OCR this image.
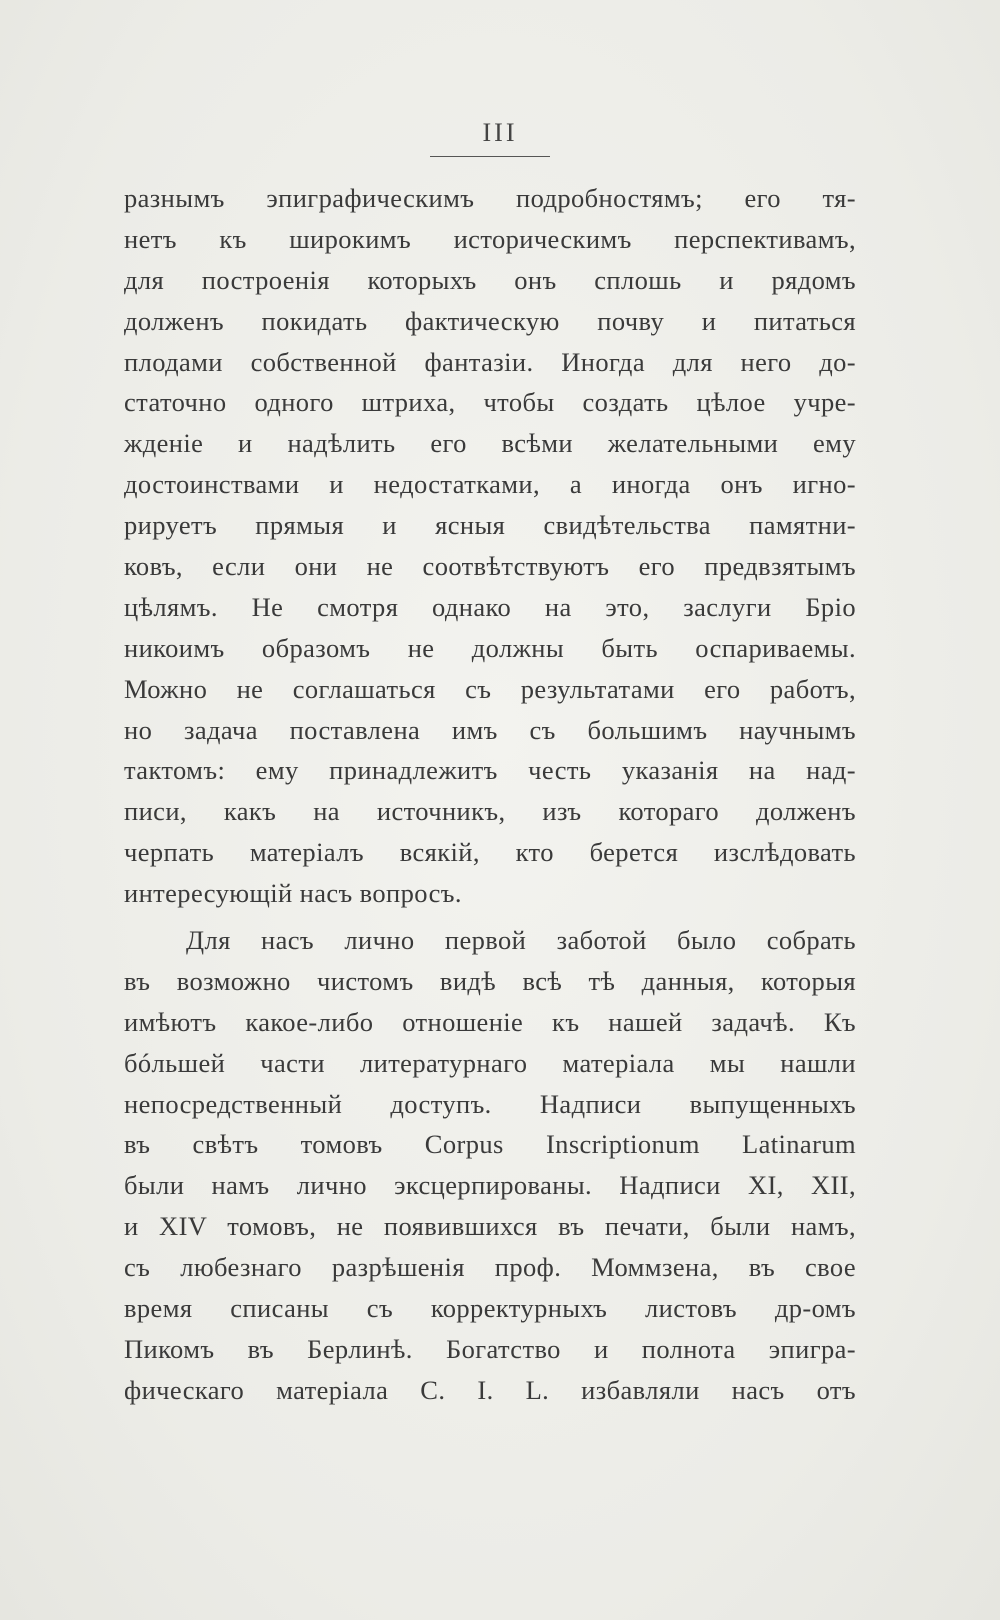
III
разнымъ эпиграфическимъ подробностямъ; его тя-
нетъ къ широкимъ историческимъ перспективамъ,
для построенія которыхъ онъ сплошь и рядомъ
долженъ покидать фактическую почву и питаться
плодами собственной фантазіи. Иногда для него до-
статочно одного штриха, чтобы создать цѣлое учре-
жденіе и надѣлить его всѣми желательными ему
достоинствами и недостатками, а иногда онъ игно-
рируетъ прямыя и ясныя свидѣтельства памятни-
ковъ, если они не соотвѣтствуютъ его предвзятымъ
цѣлямъ. Не смотря однако на это, заслуги Бріо
никоимъ образомъ не должны быть оспариваемы.
Можно не соглашаться съ результатами его работъ,
но задача поставлена имъ съ большимъ научнымъ
тактомъ: ему принадлежитъ честь указанія на над-
писи, какъ на источникъ, изъ котораго долженъ
черпать матеріалъ всякій, кто берется изслѣдовать
интересующій насъ вопросъ.
Для насъ лично первой заботой было собрать
въ возможно чистомъ видѣ всѣ тѣ данныя, которыя
имѣютъ какое-либо отношеніе къ нашей задачѣ. Къ
бóльшей части литературнаго матеріала мы нашли
непосредственный доступъ. Надписи выпущенныхъ
въ свѣтъ томовъ Corpus Inscriptionum Latinarum
были намъ лично эксцерпированы. Надписи XI, XII,
и XIV томовъ, не появившихся въ печати, были намъ,
съ любезнаго разрѣшенія проф. Моммзена, въ свое
время списаны съ корректурныхъ листовъ др-омъ
Пикомъ въ Берлинѣ. Богатство и полнота эпигра-
фическаго матеріала С. I. L. избавляли насъ отъ
